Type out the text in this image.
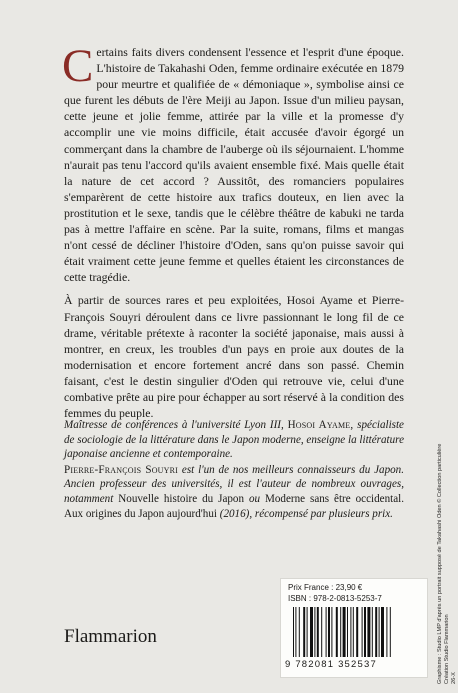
Certains faits divers condensent l'essence et l'esprit d'une époque. L'histoire de Takahashi Oden, femme ordinaire exécutée en 1879 pour meurtre et qualifiée de « démoniaque », symbolise ainsi ce que furent les débuts de l'ère Meiji au Japon. Issue d'un milieu paysan, cette jeune et jolie femme, attirée par la ville et la promesse d'y accomplir une vie moins difficile, était accusée d'avoir égorgé un commerçant dans la chambre de l'auberge où ils séjournaient. L'homme n'aurait pas tenu l'accord qu'ils avaient ensemble fixé. Mais quelle était la nature de cet accord ? Aussitôt, des romanciers populaires s'emparèrent de cette histoire aux trafics douteux, en lien avec la prostitution et le sexe, tandis que le célèbre théâtre de kabuki ne tarda pas à mettre l'affaire en scène. Par la suite, romans, films et mangas n'ont cessé de décliner l'histoire d'Oden, sans qu'on puisse savoir qui était vraiment cette jeune femme et quelles étaient les circonstances de cette tragédie.

À partir de sources rares et peu exploitées, Hosoi Ayame et Pierre-François Souyri déroulent dans ce livre passionnant le long fil de ce drame, véritable prétexte à raconter la société japonaise, mais aussi à montrer, en creux, les troubles d'un pays en proie aux doutes de la modernisation et encore fortement ancré dans son passé. Chemin faisant, c'est le destin singulier d'Oden qui retrouve vie, celui d'une combative prête au pire pour échapper au sort réservé à la condition des femmes du peuple.

Maîtresse de conférences à l'université Lyon III, Hosoi Ayame, spécialiste de sociologie de la littérature dans le Japon moderne, enseigne la littérature japonaise ancienne et contemporaine.

Pierre-François Souyri est l'un de nos meilleurs connaisseurs du Japon. Ancien professeur des universités, il est l'auteur de nombreux ouvrages, notamment Nouvelle histoire du Japon ou Moderne sans être occidental. Aux origines du Japon aujourd'hui (2016), récompensé par plusieurs prix.

Flammarion
Prix France : 23,90 €
ISBN : 978-2-0813-5253-7
9 782081 352537	Graphisme : Studio LMP d'après un portrait supposé de Takahashi Oden © Collection particulière Création Studio Flammarion 26-X
